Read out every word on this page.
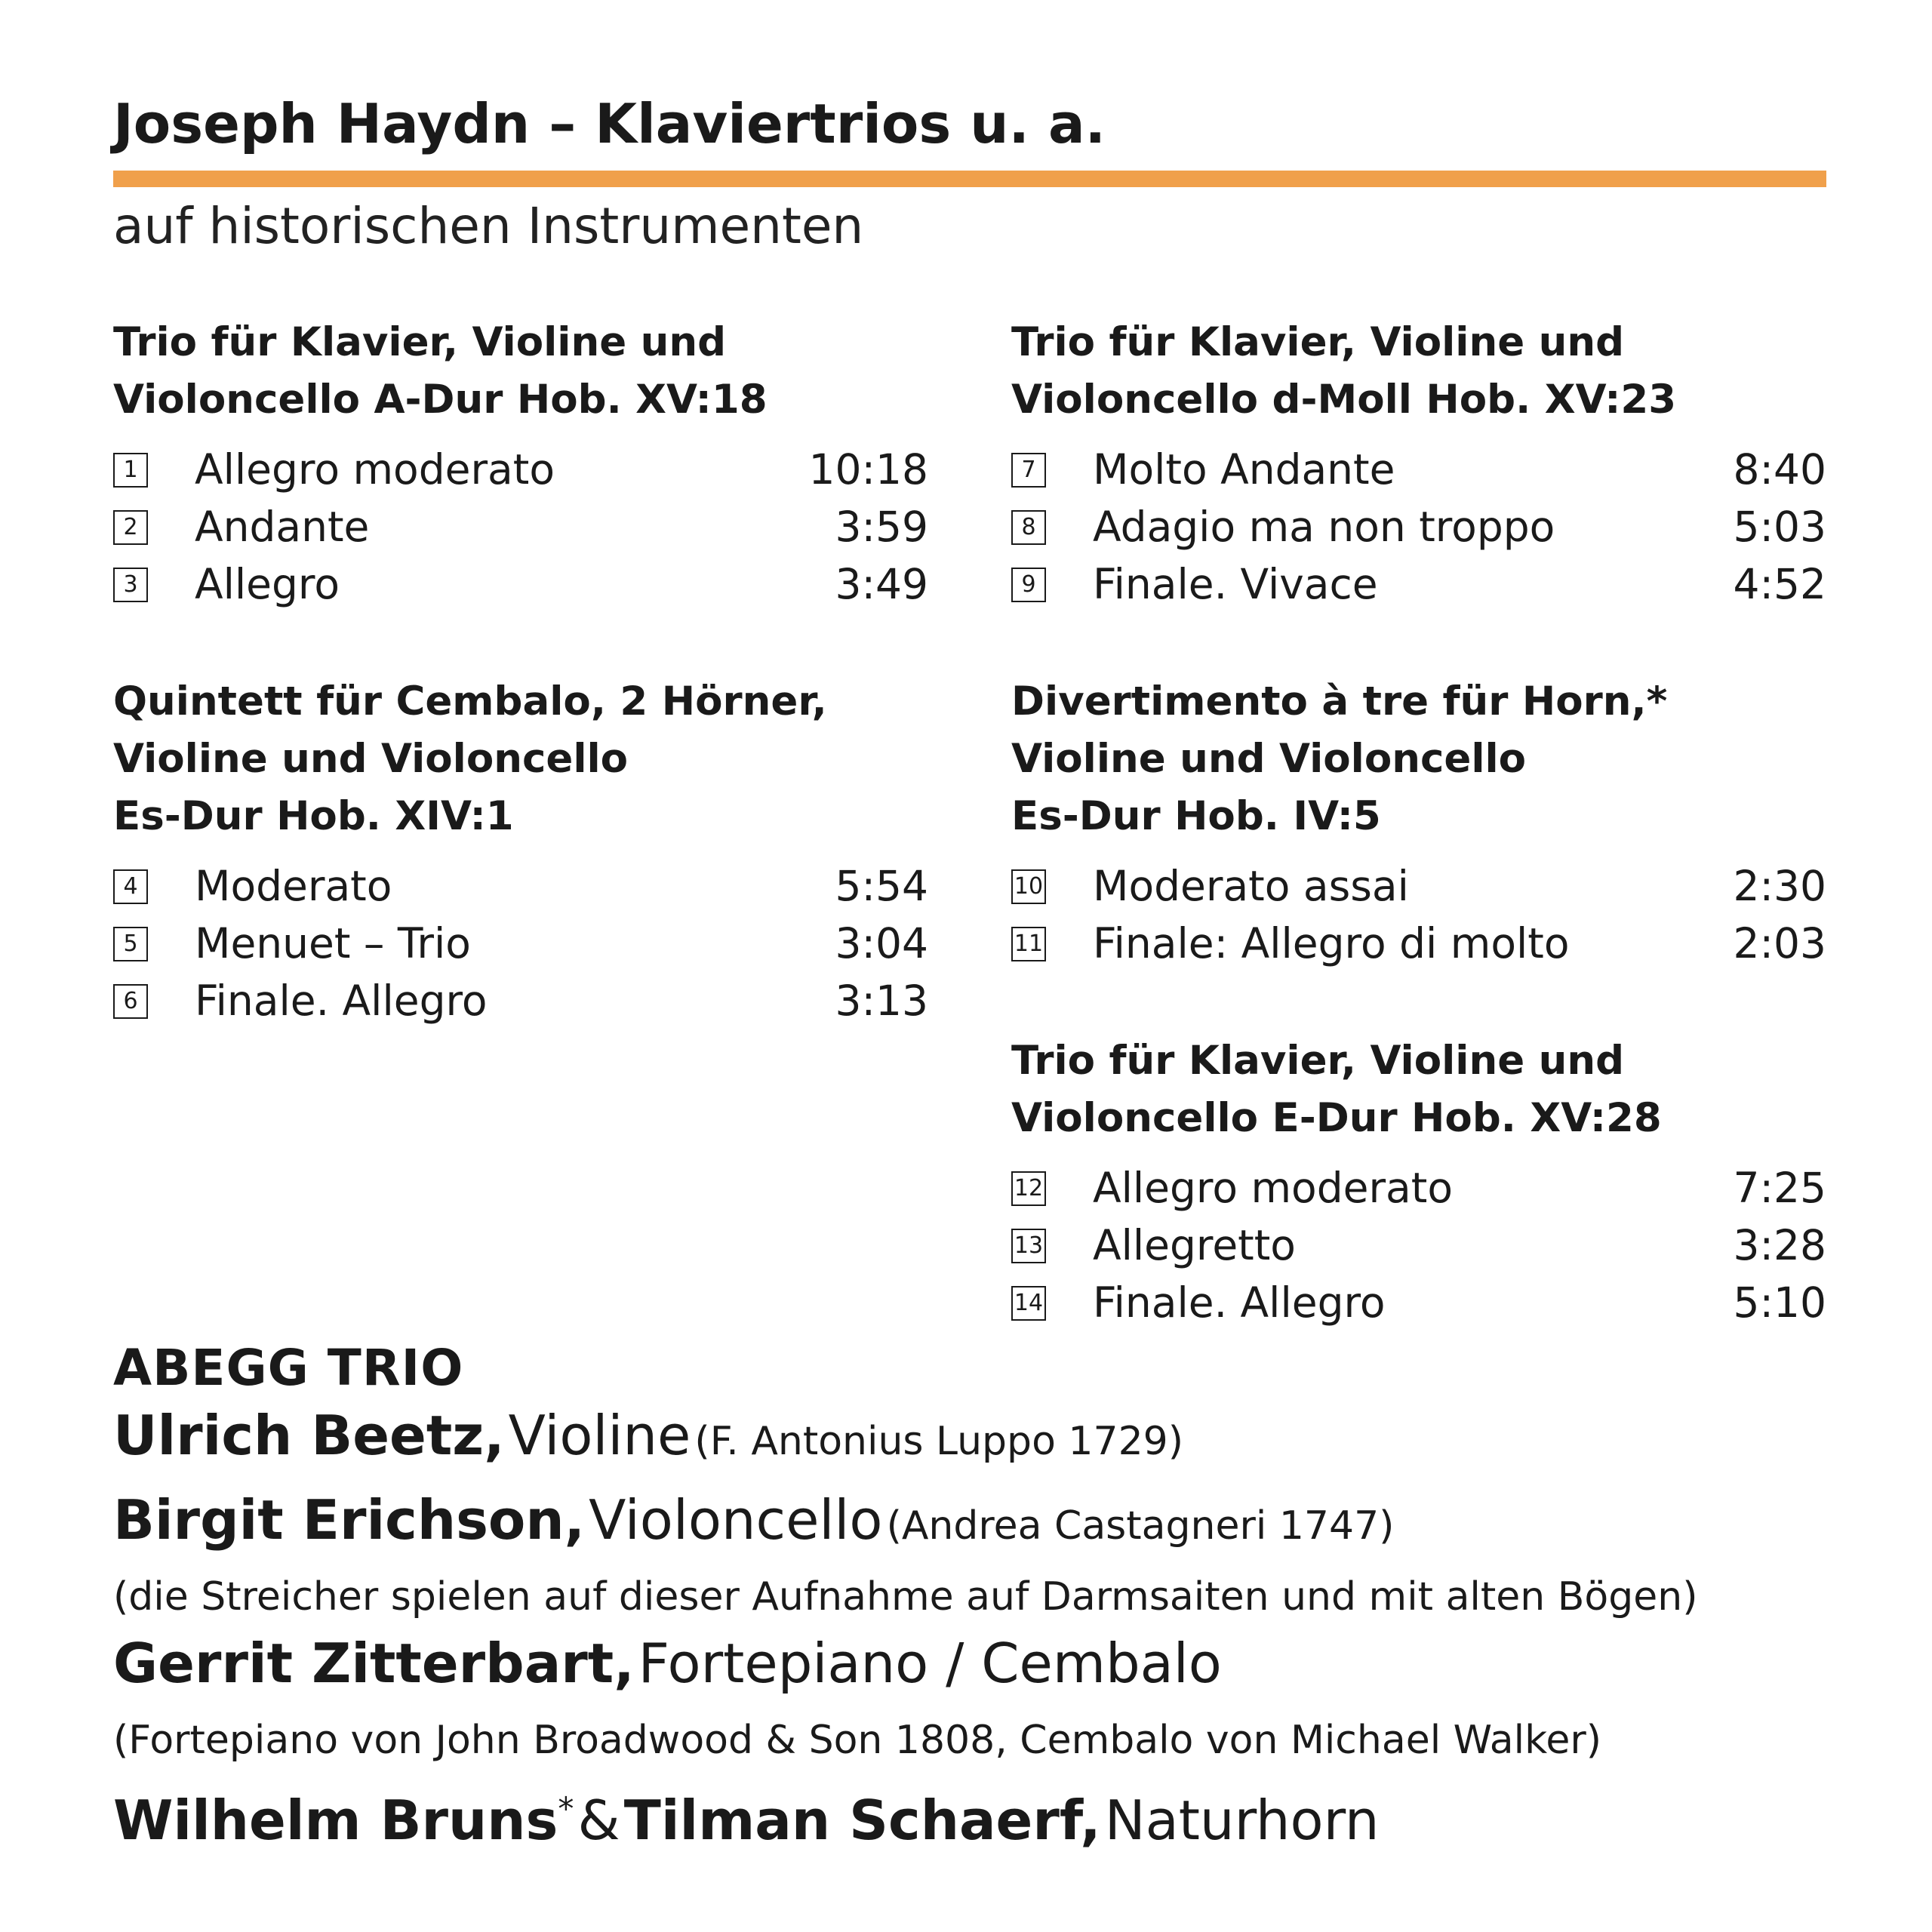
Joseph Haydn – Klaviertrios u. a.
auf historischen Instrumenten
Trio für Klavier, Violine und
Violoncello A-Dur Hob. XV:18
1 Allegro moderato	10:18
2 Andante	3:59
3 Allegro	3:49
Trio für Klavier, Violine und
Violoncello d-Moll Hob. XV:23
7 Molto Andante	8:40
8 Adagio ma non troppo	5:03
9 Finale. Vivace	4:52
Quintett für Cembalo, 2 Hörner,
Violine und Violoncello
Es-Dur Hob. XIV:1
4 Moderato	5:54
5 Menuet – Trio	3:04
6 Finale. Allegro	3:13
Divertimento à tre für Horn,*
Violine und Violoncello
Es-Dur Hob. IV:5
10 Moderato assai	2:30
11 Finale: Allegro di molto	2:03
Trio für Klavier, Violine und
Violoncello E-Dur Hob. XV:28
12 Allegro moderato	7:25
13 Allegretto	3:28
14 Finale. Allegro	5:10
ABEGG TRIO
Ulrich Beetz, Violine (F. Antonius Luppo 1729)
Birgit Erichson, Violoncello (Andrea Castagneri 1747)
(die Streicher spielen auf dieser Aufnahme auf Darmsaiten und mit alten Bögen)
Gerrit Zitterbart, Fortepiano / Cembalo
(Fortepiano von John Broadwood & Son 1808, Cembalo von Michael Walker)
Wilhelm Bruns* & Tilman Schaerf, Naturhorn
